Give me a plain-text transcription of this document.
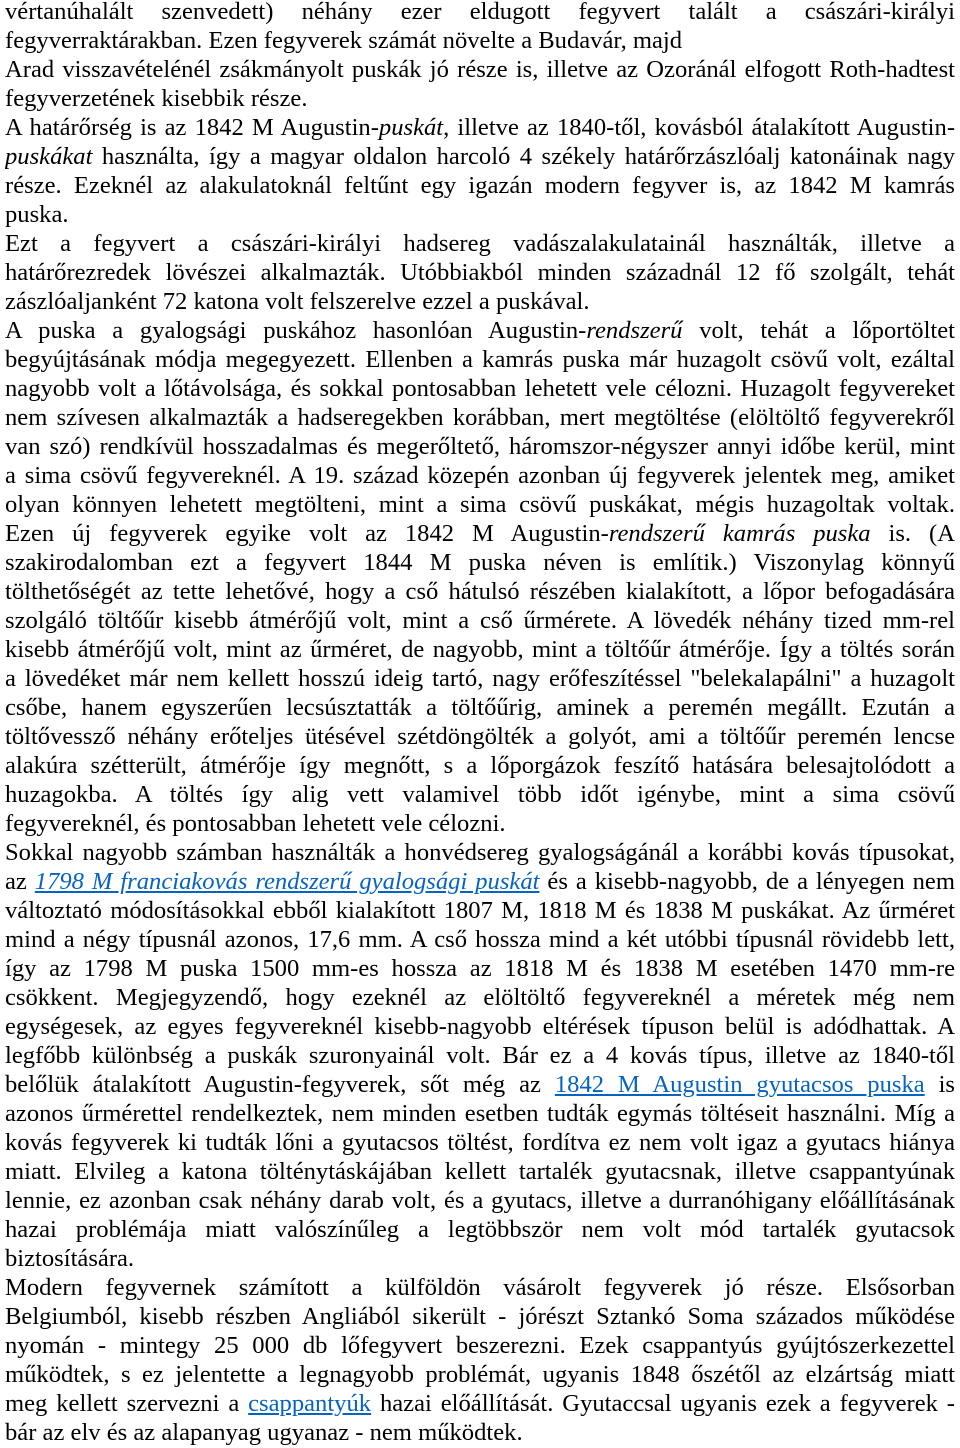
vértanúhalált szenvedett) néhány ezer eldugott fegyvert talált a császári-királyi
fegyverraktárakban. Ezen fegyverek számát növelte a Budavár, majd
Arad visszavételénél zsákmányolt puskák jó része is, illetve az Ozoránál elfogott Roth-hadtest
fegyverzetének kisebbik része.
A határőrség is az 1842 M Augustin-puskát, illetve az 1840-től, kovásból átalakított Augustin-
puskákat használta, így a magyar oldalon harcoló 4 székely határőrzászlóalj katonáinak nagy
része. Ezeknél az alakulatoknál feltűnt egy igazán modern fegyver is, az 1842 M kamrás
puska.
Ezt a fegyvert a császári-királyi hadsereg vadászalakulatainál használták, illetve a
határőrezredek lövészei alkalmazták. Utóbbiakból minden századnál 12 fő szolgált, tehát
zászlóaljanként 72 katona volt felszerelve ezzel a puskával.
A puska a gyalogsági puskához hasonlóan Augustin-rendszerű volt, tehát a lőportöltet
begyújtásának módja megegyezett. Ellenben a kamrás puska már huzagolt csövű volt, ezáltal
nagyobb volt a lőtávolsága, és sokkal pontosabban lehetett vele célozni. Huzagolt fegyvereket
nem szívesen alkalmazták a hadseregekben korábban, mert megtöltése (elöltöltő fegyverekről
van szó) rendkívül hosszadalmas és megerőltető, háromszor-négyszer annyi időbe kerül, mint
a sima csövű fegyvereknél. A 19. század közepén azonban új fegyverek jelentek meg, amiket
olyan könnyen lehetett megtölteni, mint a sima csövű puskákat, mégis huzagoltak voltak.
Ezen új fegyverek egyike volt az 1842 M Augustin-rendszerű kamrás puska is. (A
szakirodalomban ezt a fegyvert 1844 M puska néven is említik.) Viszonylag könnyű
tölthetőségét az tette lehetővé, hogy a cső hátulsó részében kialakított, a lőpor befogadására
szolgáló töltőűr kisebb átmérőjű volt, mint a cső űrmérete. A lövedék néhány tized mm-rel
kisebb átmérőjű volt, mint az űrméret, de nagyobb, mint a töltőűr átmérője. Így a töltés során
a lövedéket már nem kellett hosszú ideig tartó, nagy erőfeszítéssel "belekalapálni" a huzagolt
csőbe, hanem egyszerűen lecsúsztatták a töltőűrig, aminek a peremén megállt. Ezután a
töltővessző néhány erőteljes ütésével szétdöngölték a golyót, ami a töltőűr peremén lencse
alakúra szétterült, átmérője így megnőtt, s a lőporgázok feszítő hatására belesajtolódott a
huzagokba. A töltés így alig vett valamivel több időt igénybe, mint a sima csövű
fegyvereknél, és pontosabban lehetett vele célozni.
Sokkal nagyobb számban használták a honvédsereg gyalogságánál a korábbi kovás típusokat,
az 1798 M franciakovás rendszerű gyalogsági puskát és a kisebb-nagyobb, de a lényegen nem
változtató módosításokkal ebből kialakított 1807 M, 1818 M és 1838 M puskákat. Az űrméret
mind a négy típusnál azonos, 17,6 mm. A cső hossza mind a két utóbbi típusnál rövidebb lett,
így az 1798 M puska 1500 mm-es hossza az 1818 M és 1838 M esetében 1470 mm-re
csökkent. Megjegyzendő, hogy ezeknél az elöltöltő fegyvereknél a méretek még nem
egységesek, az egyes fegyvereknél kisebb-nagyobb eltérések típuson belül is adódhattak. A
legfőbb különbség a puskák szuronyainál volt. Bár ez a 4 kovás típus, illetve az 1840-től
belőlük átalakított Augustin-fegyverek, sőt még az 1842 M Augustin gyutacsos puska is
azonos űrmérettel rendelkeztek, nem minden esetben tudták egymás töltéseit használni. Míg a
kovás fegyverek ki tudták lőni a gyutacsos töltést, fordítva ez nem volt igaz a gyutacs hiánya
miatt. Elvileg a katona tölténytáskájában kellett tartalék gyutacsnak, illetve csappantyúnak
lennie, ez azonban csak néhány darab volt, és a gyutacs, illetve a durranóhigany előállításának
hazai problémája miatt valószínűleg a legtöbbször nem volt mód tartalék gyutacsok
biztosítására.
Modern fegyvernek számított a külföldön vásárolt fegyverek jó része. Elsősorban
Belgiumból, kisebb részben Angliából sikerült - jórészt Sztankó Soma százados működése
nyomán - mintegy 25 000 db lőfegyvert beszerezni. Ezek csappantyús gyújtószerkezettel
működtek, s ez jelentette a legnagyobb problémát, ugyanis 1848 őszétől az elzártság miatt
meg kellett szervezni a csappantyúk hazai előállítását. Gyutaccsal ugyanis ezek a fegyverek -
bár az elv és az alapanyag ugyanaz - nem működtek.
